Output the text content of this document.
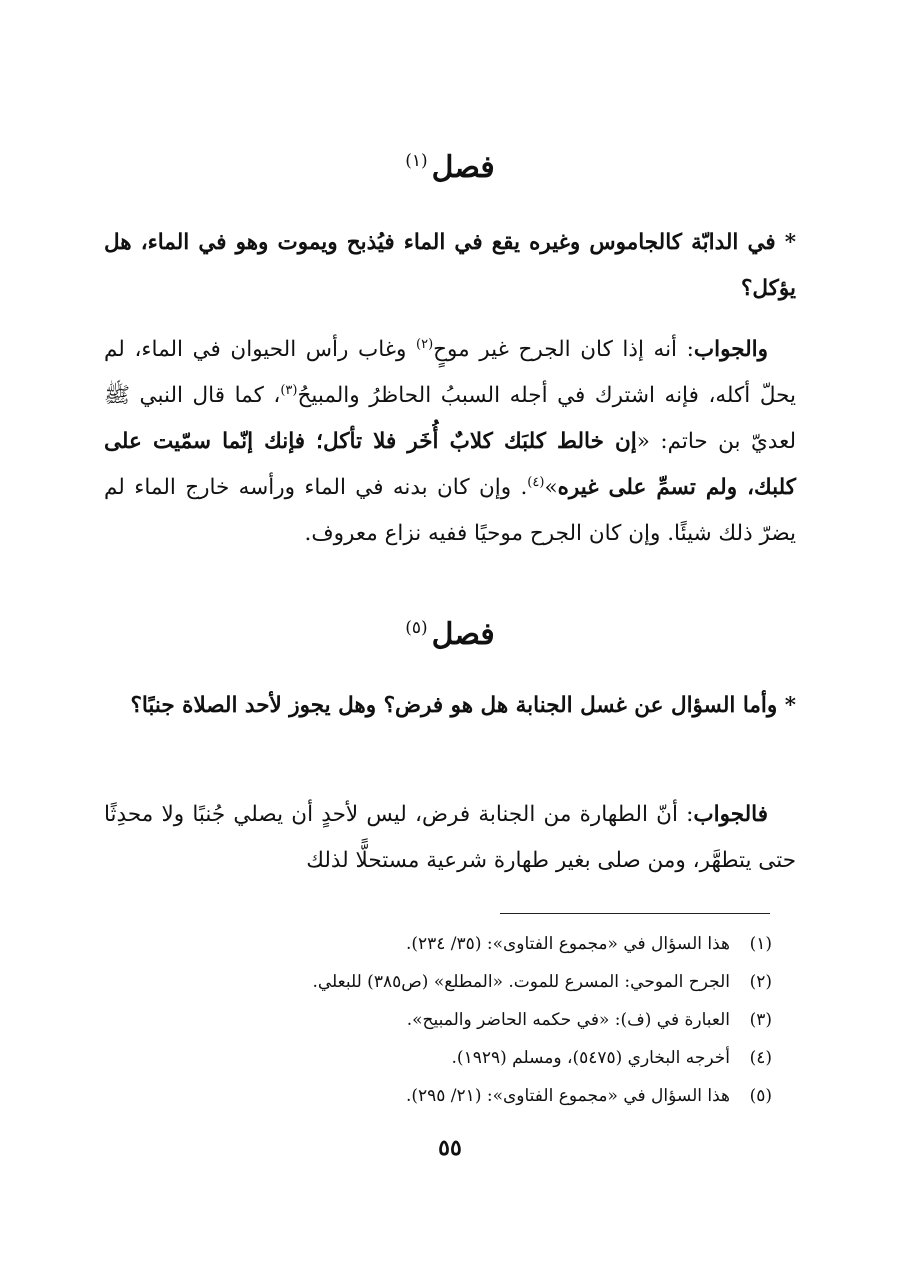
فصل$^{(١)}$
* في الدابّة كالجاموس وغيره يقع في الماء فيُذبح ويموت وهو في الماء، هل يؤكل؟
والجواب: أنه إذا كان الجرح غير موحٍ$^{(٢)}$ وغاب رأس الحيوان في الماء، لم يحلّ أكله، فإنه اشترك في أجله السببُ الحاظرُ والمبيحُ$^{(٣)}$، كما قال النبي ﷺ لعديّ بن حاتم: «إن خالط كلبَك كلابٌ أُخَر فلا تأكل؛ فإنك إنّما سمّيت على كلبك، ولم تسمِّ على غيره»$^{(٤)}$. وإن كان بدنه في الماء ورأسه خارج الماء لم يضرّ ذلك شيئًا. وإن كان الجرح موحيًا ففيه نزاع معروف.
فصل$^{(٥)}$
* وأما السؤال عن غسل الجنابة هل هو فرض؟ وهل يجوز لأحد الصلاة جنبًا؟
فالجواب: أنّ الطهارة من الجنابة فرض، ليس لأحدٍ أن يصلي جُنبًا ولا محدِثًا حتى يتطهَّر، ومن صلى بغير طهارة شرعية مستحلًّا لذلك
(١)
هذا السؤال في «مجموع الفتاوى»: (٣٥/ ٢٣٤).
(٢)
الجرح الموحي: المسرع للموت. «المطلع» (ص٣٨٥) للبعلي.
(٣)
العبارة في (ف): «في حكمه الحاضر والمبيح».
(٤)
أخرجه البخاري (٥٤٧٥)، ومسلم (١٩٢٩).
(٥)
هذا السؤال في «مجموع الفتاوى»: (٢١/ ٢٩٥).
٥٥
